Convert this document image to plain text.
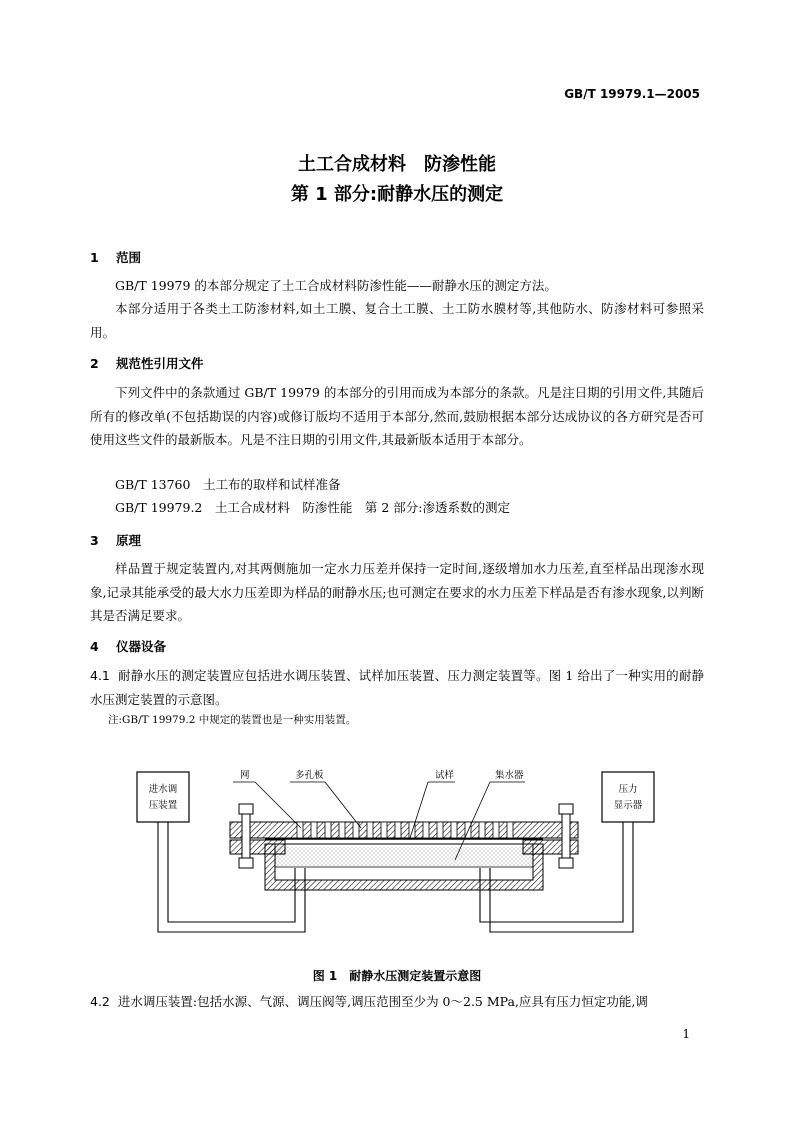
GB/T 19979.1—2005
土工合成材料　防渗性能
第 1 部分:耐静水压的测定
1 范围

GB/T 19979 的本部分规定了土工合成材料防渗性能——耐静水压的测定方法。

本部分适用于各类土工防渗材料,如土工膜、复合土工膜、土工防水膜材等,其他防水、防渗材料可参照采用。

2 规范性引用文件

下列文件中的条款通过 GB/T 19979 的本部分的引用而成为本部分的条款。凡是注日期的引用文件,其随后所有的修改单(不包括勘误的内容)或修订版均不适用于本部分,然而,鼓励根据本部分达成协议的各方研究是否可使用这些文件的最新版本。凡是不注日期的引用文件,其最新版本适用于本部分。

GB/T 13760　土工布的取样和试样准备
GB/T 19979.2　土工合成材料　防渗性能　第 2 部分:渗透系数的测定
3 原理

样品置于规定装置内,对其两侧施加一定水力压差并保持一定时间,逐级增加水力压差,直至样品出现渗水现象,记录其能承受的最大水力压差即为样品的耐静水压;也可测定在要求的水力压差下样品是否有渗水现象,以判断其是否满足要求。

4 仪器设备

4.1 耐静水压的测定装置应包括进水调压装置、试样加压装置、压力测定装置等。图 1 给出了一种实用的耐静水压测定装置的示意图。

注:GB/T 19979.2 中规定的装置也是一种实用装置。
进水调
压装置
压力
显示器
网	多孔板	试样	集水器
图 1　耐静水压测定装置示意图

4.2 进水调压装置:包括水源、气源、调压阀等,调压范围至少为 0～2.5 MPa,应具有压力恒定功能,调

1
